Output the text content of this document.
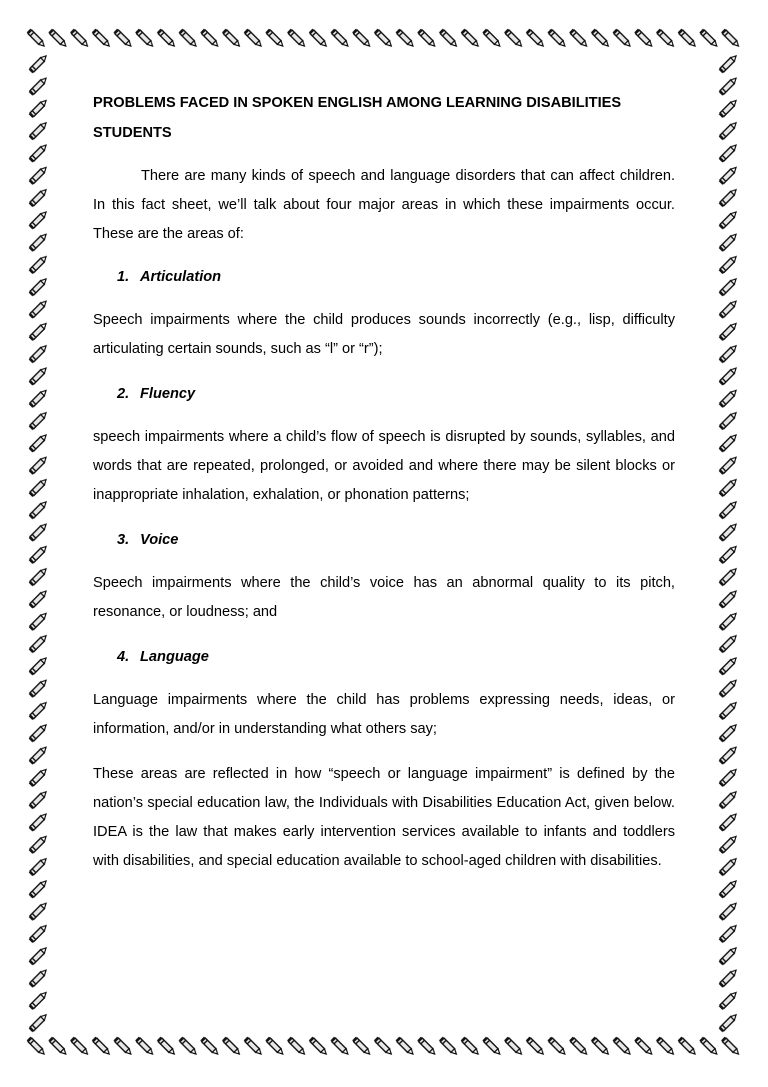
PROBLEMS FACED IN SPOKEN ENGLISH AMONG LEARNING DISABILITIES STUDENTS

There are many kinds of speech and language disorders that can affect children. In this fact sheet, we’ll talk about four major areas in which these impairments occur. These are the areas of:

1. Articulation

Speech impairments where the child produces sounds incorrectly (e.g., lisp, difficulty articulating certain sounds, such as “l” or “r”);

2. Fluency

speech impairments where a child’s flow of speech is disrupted by sounds, syllables, and words that are repeated, prolonged, or avoided and where there may be silent blocks or inappropriate inhalation, exhalation, or phonation patterns;

3. Voice

Speech impairments where the child’s voice has an abnormal quality to its pitch, resonance, or loudness; and

4. Language

Language impairments where the child has problems expressing needs, ideas, or information, and/or in understanding what others say;

These areas are reflected in how “speech or language impairment” is defined by the nation’s special education law, the Individuals with Disabilities Education Act, given below. IDEA is the law that makes early intervention services available to infants and toddlers with disabilities, and special education available to school-aged children with disabilities.
